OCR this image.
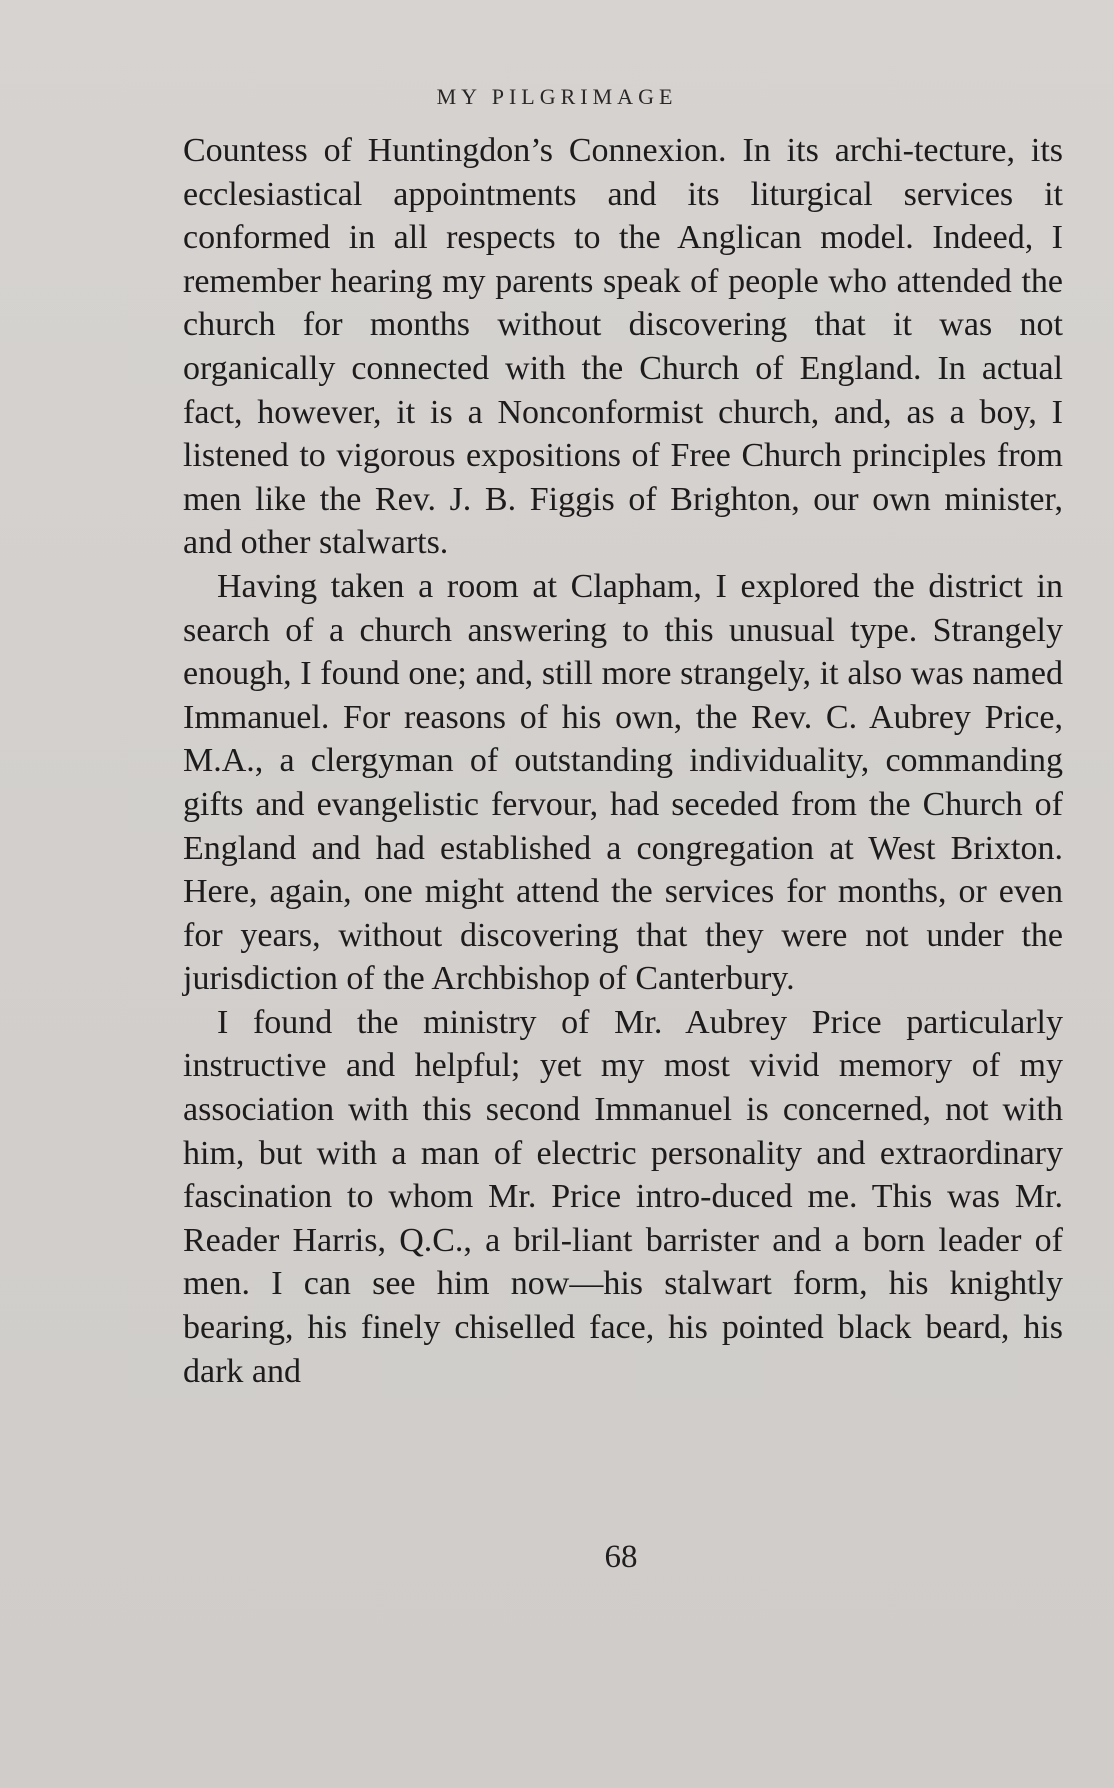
MY PILGRIMAGE

Countess of Huntingdon’s Connexion. In its archi-tecture, its ecclesiastical appointments and its liturgical services it conformed in all respects to the Anglican model. Indeed, I remember hearing my parents speak of people who attended the church for months without discovering that it was not organically connected with the Church of England. In actual fact, however, it is a Nonconformist church, and, as a boy, I listened to vigorous expositions of Free Church principles from men like the Rev. J. B. Figgis of Brighton, our own minister, and other stalwarts.

Having taken a room at Clapham, I explored the district in search of a church answering to this unusual type. Strangely enough, I found one; and, still more strangely, it also was named Immanuel. For reasons of his own, the Rev. C. Aubrey Price, M.A., a clergyman of outstanding individuality, commanding gifts and evangelistic fervour, had seceded from the Church of England and had established a congregation at West Brixton. Here, again, one might attend the services for months, or even for years, without discovering that they were not under the jurisdiction of the Archbishop of Canterbury.

I found the ministry of Mr. Aubrey Price particularly instructive and helpful; yet my most vivid memory of my association with this second Immanuel is concerned, not with him, but with a man of electric personality and extraordinary fascination to whom Mr. Price intro-duced me. This was Mr. Reader Harris, Q.C., a bril-liant barrister and a born leader of men. I can see him now—his stalwart form, his knightly bearing, his finely chiselled face, his pointed black beard, his dark and

68
